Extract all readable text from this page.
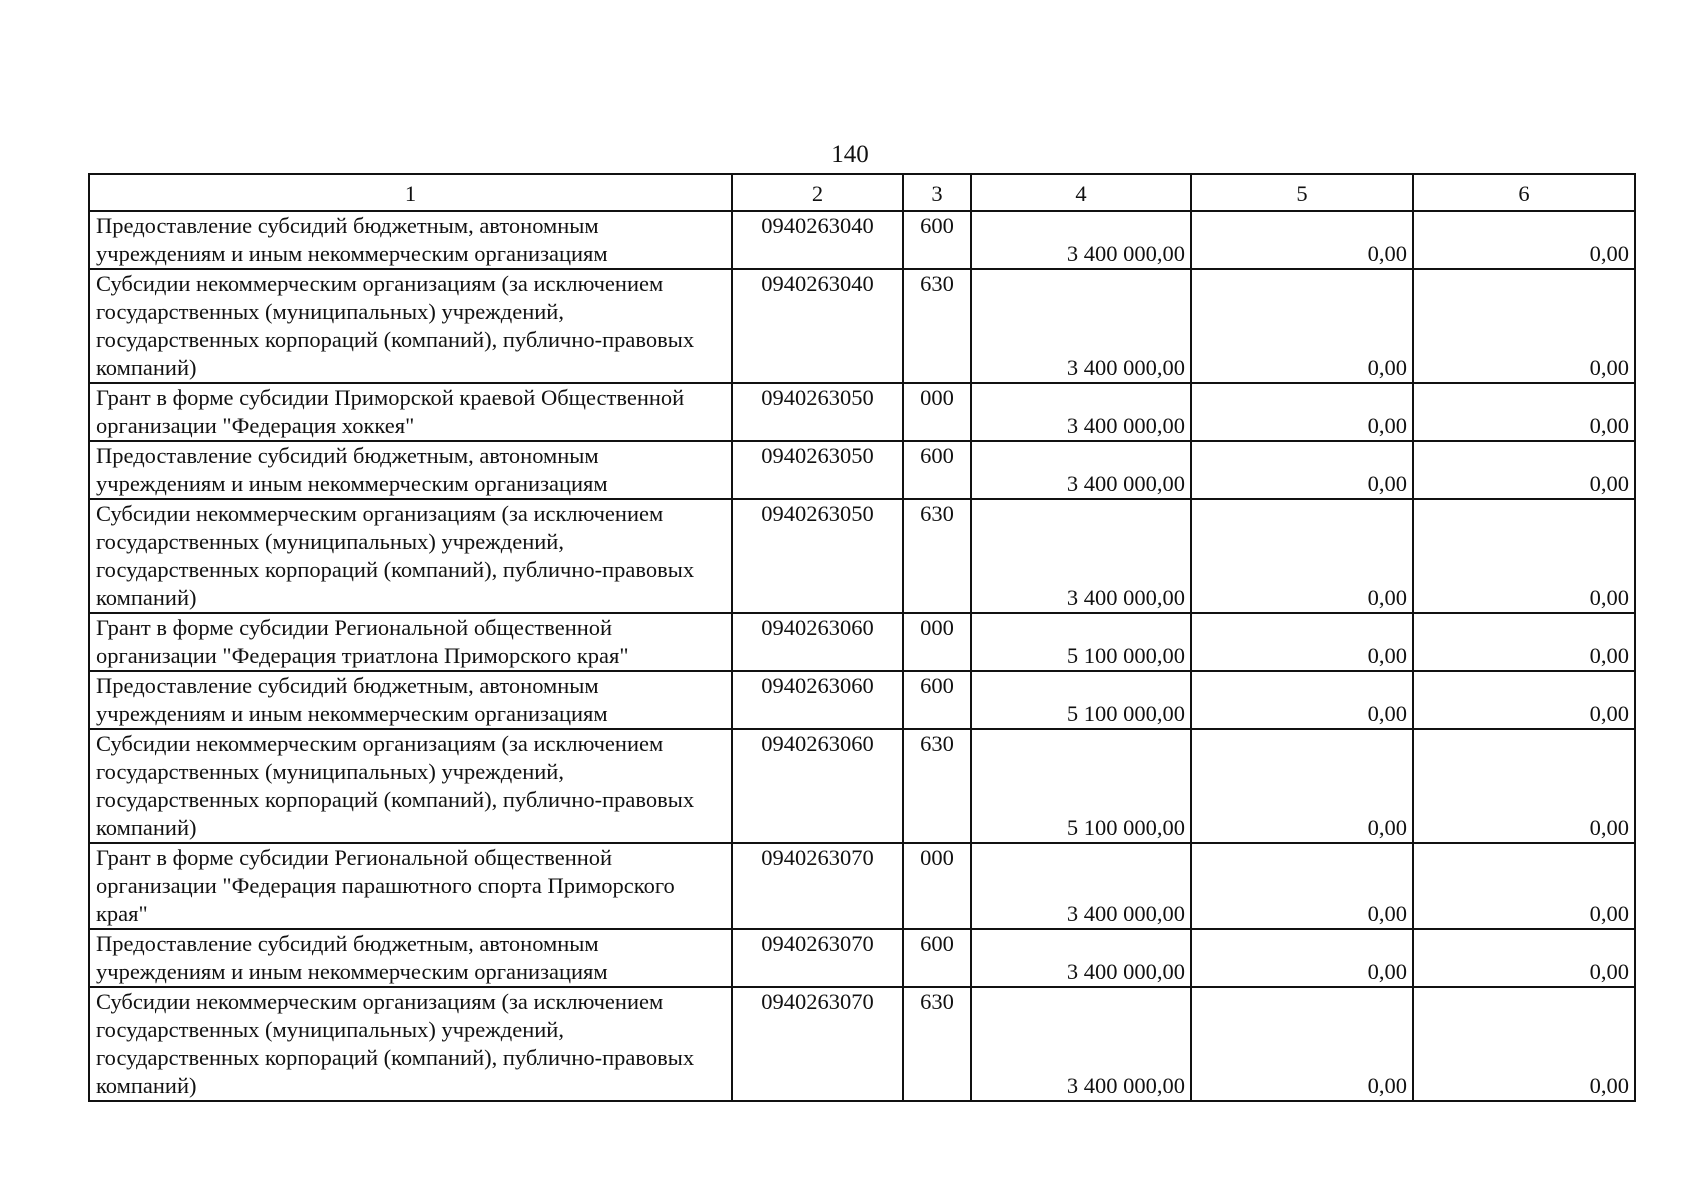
140
1	2	3	4	5	6
Предоставление субсидий бюджетным, автономным учреждениям и иным некоммерческим организациям	0940263040	600	3 400 000,00	0,00	0,00
Субсидии некоммерческим организациям (за исключением государственных (муниципальных) учреждений, государственных корпораций (компаний), публично-правовых компаний)	0940263040	630	3 400 000,00	0,00	0,00
Грант в форме субсидии Приморской краевой Общественной организации "Федерация хоккея"	0940263050	000	3 400 000,00	0,00	0,00
Предоставление субсидий бюджетным, автономным учреждениям и иным некоммерческим организациям	0940263050	600	3 400 000,00	0,00	0,00
Субсидии некоммерческим организациям (за исключением государственных (муниципальных) учреждений, государственных корпораций (компаний), публично-правовых компаний)	0940263050	630	3 400 000,00	0,00	0,00
Грант в форме субсидии Региональной общественной организации "Федерация триатлона Приморского края"	0940263060	000	5 100 000,00	0,00	0,00
Предоставление субсидий бюджетным, автономным учреждениям и иным некоммерческим организациям	0940263060	600	5 100 000,00	0,00	0,00
Субсидии некоммерческим организациям (за исключением государственных (муниципальных) учреждений, государственных корпораций (компаний), публично-правовых компаний)	0940263060	630	5 100 000,00	0,00	0,00
Грант в форме субсидии Региональной общественной организации "Федерация парашютного спорта Приморского края"	0940263070	000	3 400 000,00	0,00	0,00
Предоставление субсидий бюджетным, автономным учреждениям и иным некоммерческим организациям	0940263070	600	3 400 000,00	0,00	0,00
Субсидии некоммерческим организациям (за исключением государственных (муниципальных) учреждений, государственных корпораций (компаний), публично-правовых компаний)	0940263070	630	3 400 000,00	0,00	0,00
